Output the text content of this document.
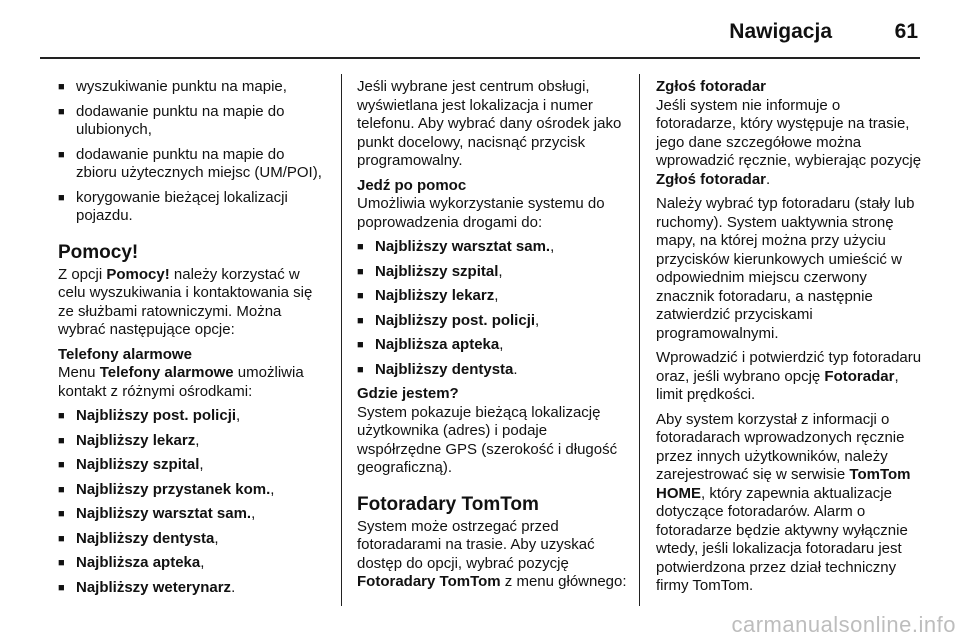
Nawigacja	61
■ wyszukiwanie punktu na mapie,
■ dodawanie punktu na mapie do ulubionych,
■ dodawanie punktu na mapie do zbioru użytecznych miejsc (UM/POI),
■ korygowanie bieżącej lokalizacji pojazdu.
Pomocy!

Z opcji Pomocy! należy korzystać w celu wyszukiwania i kontaktowania się ze służbami ratowniczymi. Można wybrać następujące opcje:

Telefony alarmowe

Menu Telefony alarmowe umożliwia kontakt z różnymi ośrodkami:

■ Najbliższy post. policji,
■ Najbliższy lekarz,
■ Najbliższy szpital,
■ Najbliższy przystanek kom.,
■ Najbliższy warsztat sam.,
■ Najbliższy dentysta,
■ Najbliższa apteka,
■ Najbliższy weterynarz.

Jeśli wybrane jest centrum obsługi, wyświetlana jest lokalizacja i numer telefonu. Aby wybrać dany ośrodek jako punkt docelowy, nacisnąć przycisk programowalny.

Jedź po pomoc

Umożliwia wykorzystanie systemu do poprowadzenia drogami do:

■ Najbliższy warsztat sam.,
■ Najbliższy szpital,
■ Najbliższy lekarz,
■ Najbliższy post. policji,
■ Najbliższa apteka,
■ Najbliższy dentysta.
Gdzie jestem?

System pokazuje bieżącą lokalizację użytkownika (adres) i podaje współrzędne GPS (szerokość i długość geograficzną).

Fotoradary TomTom

System może ostrzegać przed fotoradarami na trasie. Aby uzyskać dostęp do opcji, wybrać pozycję Fotoradary TomTom z menu głównego:

Zgłoś fotoradar

Jeśli system nie informuje o fotoradarze, który występuje na trasie, jego dane szczegółowe można wprowadzić ręcznie, wybierając pozycję Zgłoś fotoradar.

Należy wybrać typ fotoradaru (stały lub ruchomy). System uaktywnia stronę mapy, na której można przy użyciu przycisków kierunkowych umieścić w odpowiednim miejscu czerwony znacznik fotoradaru, a następnie zatwierdzić przyciskami programowalnymi.

Wprowadzić i potwierdzić typ fotoradaru oraz, jeśli wybrano opcję Fotoradar, limit prędkości.

Aby system korzystał z informacji o fotoradarach wprowadzonych ręcznie przez innych użytkowników, należy zarejestrować się w serwisie TomTom HOME, który zapewnia aktualizacje dotyczące fotoradarów. Alarm o fotoradarze będzie aktywny wyłącznie wtedy, jeśli lokalizacja fotoradaru jest potwierdzona przez dział techniczny firmy TomTom.

carmanualsonline.info
